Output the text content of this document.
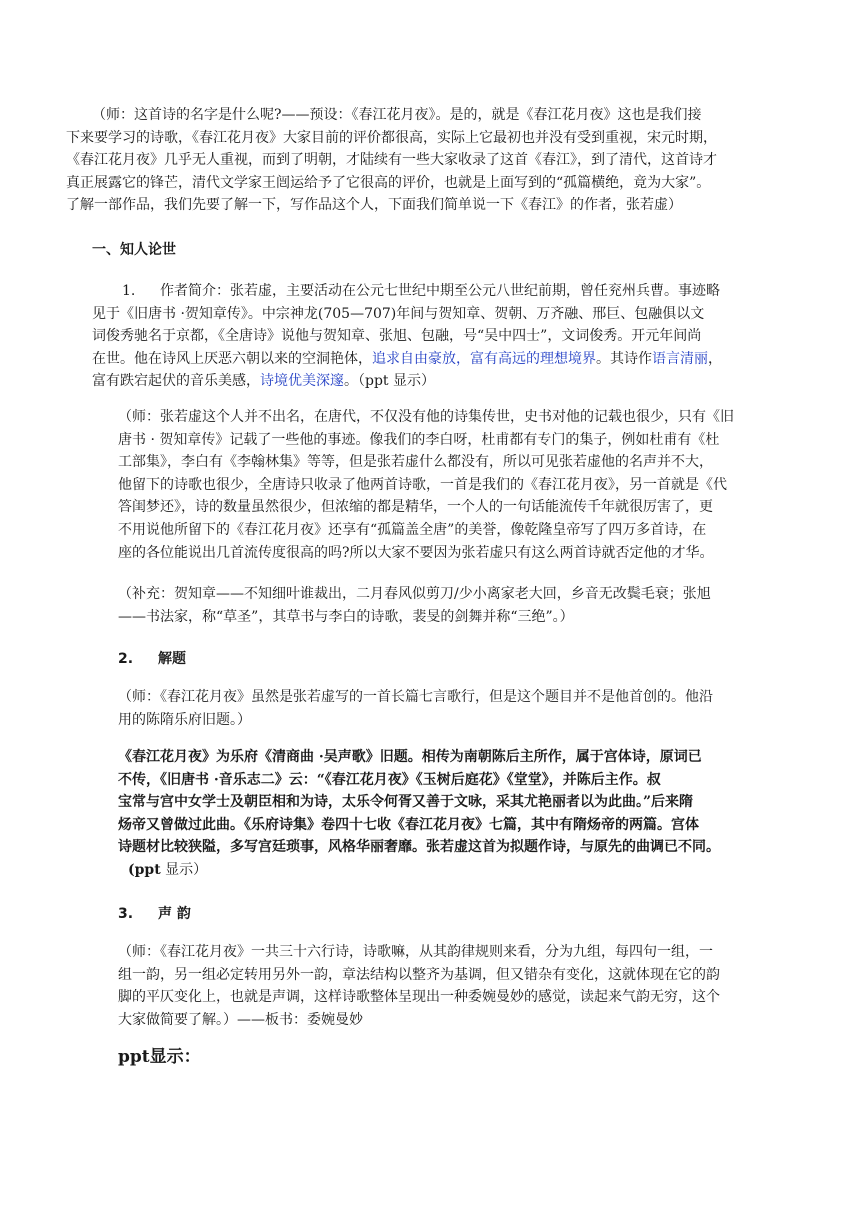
（师：这首诗的名字是什么呢?——预设：《春江花月夜》。是的，就是《春江花月夜》这也是我们接
下来要学习的诗歌，《春江花月夜》大家目前的评价都很高，实际上它最初也并没有受到重视，宋元时期，
《春江花月夜》几乎无人重视，而到了明朝，才陆续有一些大家收录了这首《春江》，到了清代，这首诗才
真正展露它的锋芒，清代文学家王闿运给予了它很高的评价，也就是上面写到的“孤篇横绝，竟为大家”。
了解一部作品，我们先要了解一下，写作品这个人，下面我们简单说一下《春江》的作者，张若虚）
一、知人论世
1. 作者简介：张若虚，主要活动在公元七世纪中期至公元八世纪前期，曾任兖州兵曹。事迹略
见于《旧唐书 ·贺知章传》。中宗神龙(705—707)年间与贺知章、贺朝、万齐融、邢巨、包融俱以文
词俊秀驰名于京都，《全唐诗》说他与贺知章、张旭、包融，号“吴中四士”，文词俊秀。开元年间尚
在世。他在诗风上厌恶六朝以来的空洞艳体，追求自由豪放，富有高远的理想境界。其诗作语言清丽，
富有跌宕起伏的音乐美感，诗境优美深邃。（ppt 显示）
（师：张若虚这个人并不出名，在唐代，不仅没有他的诗集传世，史书对他的记载也很少，只有《旧
唐书 · 贺知章传》记载了一些他的事迹。像我们的李白呀，杜甫都有专门的集子，例如杜甫有《杜
工部集》，李白有《李翰林集》等等，但是张若虚什么都没有，所以可见张若虚他的名声并不大，
他留下的诗歌也很少，全唐诗只收录了他两首诗歌，一首是我们的《春江花月夜》，另一首就是《代
答闺梦还》，诗的数量虽然很少，但浓缩的都是精华，一个人的一句话能流传千年就很厉害了，更
不用说他所留下的《春江花月夜》还享有“孤篇盖全唐”的美誉，像乾隆皇帝写了四万多首诗，在
座的各位能说出几首流传度很高的吗?所以大家不要因为张若虚只有这么两首诗就否定他的才华。
（补充：贺知章——不知细叶谁裁出，二月春风似剪刀/少小离家老大回，乡音无改鬓毛衰；张旭
——书法家，称“草圣”，其草书与李白的诗歌，裴旻的剑舞并称“三绝”。）
2. 解题
（师：《春江花月夜》虽然是张若虚写的一首长篇七言歌行，但是这个题目并不是他首创的。他沿
用的陈隋乐府旧题。）
《春江花月夜》为乐府《清商曲 ·吴声歌》旧题。相传为南朝陈后主所作，属于宫体诗，原词已
不传，《旧唐书 ·音乐志二》云：“《春江花月夜》《玉树后庭花》《堂堂》，并陈后主作。叔
宝常与宫中女学士及朝臣相和为诗，太乐令何胥又善于文咏，采其尤艳丽者以为此曲。”后来隋
炀帝又曾做过此曲。《乐府诗集》卷四十七收《春江花月夜》七篇，其中有隋炀帝的两篇。宫体
诗题材比较狭隘，多写宫廷琐事，风格华丽奢靡。张若虚这首为拟题作诗，与原先的曲调已不同。
(ppt 显示）
3. 声 韵
（师：《春江花月夜》一共三十六行诗，诗歌嘛，从其韵律规则来看，分为九组，每四句一组，一
组一韵，另一组必定转用另外一韵，章法结构以整齐为基调，但又错杂有变化，这就体现在它的韵
脚的平仄变化上，也就是声调，这样诗歌整体呈现出一种委婉曼妙的感觉，读起来气韵无穷，这个
大家做简要了解。）——板书：委婉曼妙
ppt显示：
